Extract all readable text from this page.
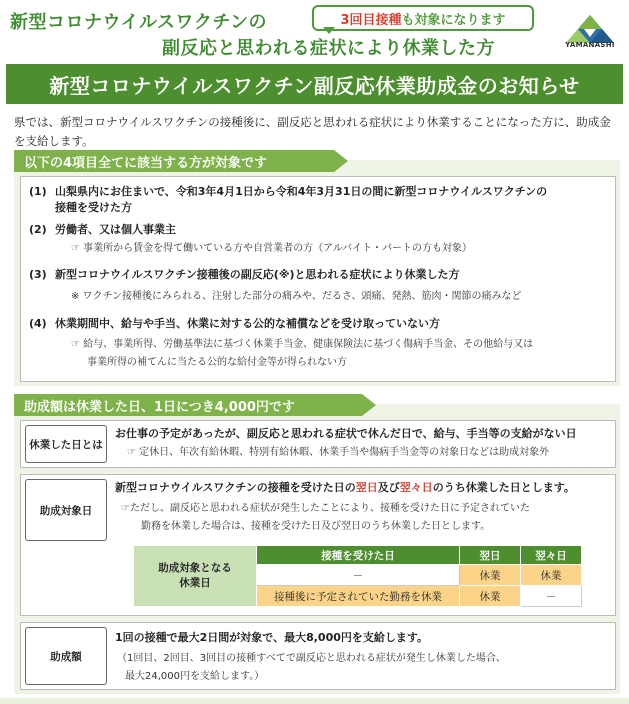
新型コロナウイルスワクチンの
副反応と思われる症状により休業した方
3回目接種 も対象になります
YAMANASHI
新型コロナウイルスワクチン副反応休業助成金のお知らせ
県では、新型コロナウイルスワクチンの接種後に、副反応と思われる症状により休業することになった方に、助成金を支給します。
以下の4項目全てに該当する方が対象です
(1) 山梨県内にお住まいで、令和3年4月1日から令和4年3月31日の間に新型コロナウイルスワクチンの
接種を受けた方
(2) 労働者、又は個人事業主
☞ 事業所から賃金を得て働いている方や自営業者の方（アルバイト・パートの方も対象）
(3) 新型コロナウイルスワクチン接種後の副反応(※)と思われる症状により休業した方
※ ワクチン接種後にみられる、注射した部分の痛みや、だるさ、頭痛、発熱、筋肉・関節の痛みなど
(4) 休業期間中、給与や手当、休業に対する公的な補償などを受け取っていない方
☞ 給与、事業所得、労働基準法に基づく休業手当金、健康保険法に基づく傷病手当金、その他給与又は
事業所得の補てんに当たる公的な給付金等が得られない方
助成額は休業した日、1日につき4,000円です
休業した日とは
お仕事の予定があったが、副反応と思われる症状で休んだ日で、給与、手当等の支給がない日
☞ 定休日、年次有給休暇、特別有給休暇、休業手当や傷病手当金等の対象日などは助成対象外
助成対象日
新型コロナウイルスワクチンの接種を受けた日の翌日及び翌々日のうち休業した日とします。
☞ただし、副反応と思われる症状が発生したことにより、接種を受けた日に予定されていた
勤務を休業した場合は、接種を受けた日及び翌日のうち休業した日とします。
助成対象となる
休業日	接種を受けた日	翌日	翌々日
	－	休業	休業
	接種後に予定されていた勤務を休業	休業	－
助成額
1回の接種で最大2日間が対象で、最大8,000円を支給します。
（1回目、2回目、3回目の接種すべてで副反応と思われる症状が発生し休業した場合、
最大24,000円を支給します。）
